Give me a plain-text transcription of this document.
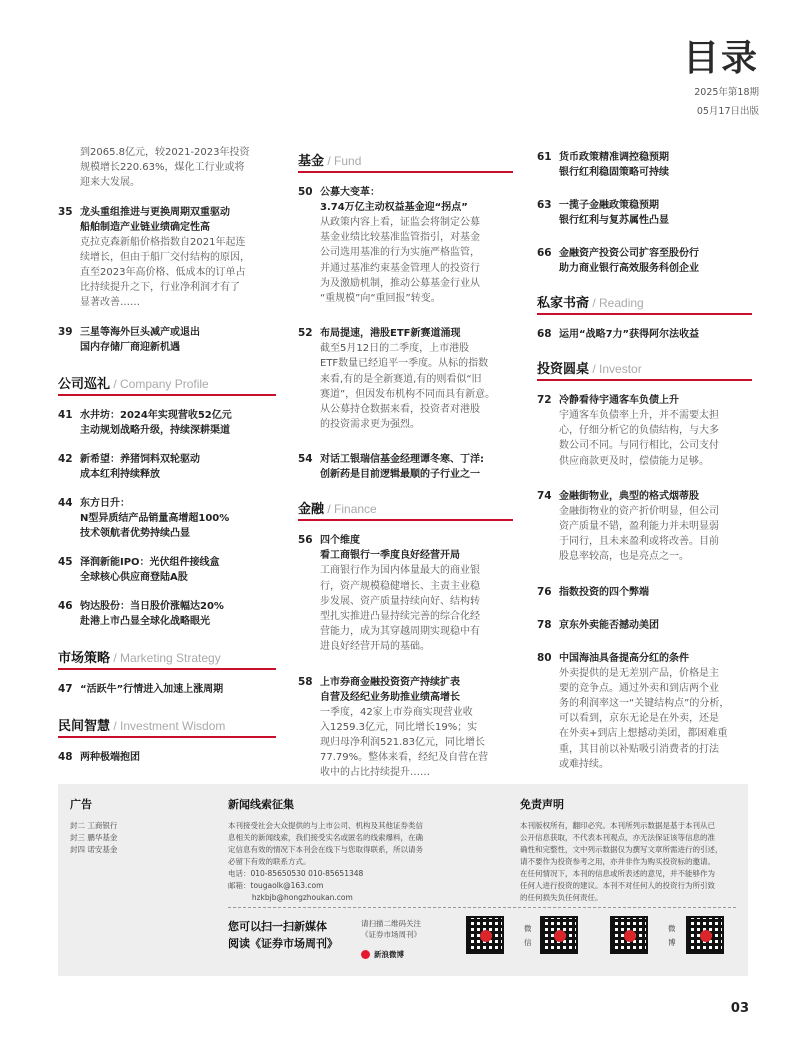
目录
2025年第18期
05月17日出版
到2065.8亿元，较2021-2023年投资
规模增长220.63%，煤化工行业或将
迎来大发展。
35 龙头重组推进与更换周期双重驱动
船舶制造产业链业绩确定性高
克拉克森新船价格指数自2021年起连
续增长，但由于船厂交付结构的原因，
直至2023年高价格、低成本的订单占
比持续提升之下，行业净利润才有了
显著改善……
39 三星等海外巨头减产或退出
国内存储厂商迎新机遇
公司巡礼 / Company Profile
41 水井坊：2024年实现营收52亿元
主动规划战略升级，持续深耕渠道
42 新希望：养猪饲料双轮驱动
成本红利持续释放
44 东方日升：
N型异质结产品销量高增超100%
技术领航者优势持续凸显
45 泽润新能IPO：光伏组件接线盒
全球核心供应商登陆A股
46 钧达股份：当日股价涨幅达20%
赴港上市凸显全球化战略眼光
市场策略 / Marketing Strategy
47 “活跃牛”行情进入加速上涨周期
民间智慧 / Investment Wisdom
48 两种极端抱团
基金 / Fund
50 公募大变革：
3.74万亿主动权益基金迎“拐点”
从政策内容上看，证监会将制定公募
基金业绩比较基准监管指引，对基金
公司选用基准的行为实施严格监管，
并通过基准约束基金管理人的投资行
为及激励机制，推动公募基金行业从
“重规模”向“重回报”转变。
52 布局提速，港股ETF新赛道涌现
截至5月12日的二季度，上市港股
ETF数量已经追平一季度。从标的指数
来看,有的是全新赛道,有的则看似“旧
赛道”，但因发布机构不同而具有新意。
从公募持仓数据来看，投资者对港股
的投资需求更为强烈。
54 对话工银瑞信基金经理谭冬寒、丁洋:
创新药是目前逻辑最顺的子行业之一
金融 / Finance
56 四个维度
看工商银行一季度良好经营开局
工商银行作为国内体量最大的商业银
行，资产规模稳健增长、主责主业稳
步发展、资产质量持续向好、结构转
型扎实推进凸显持续完善的综合化经
营能力，成为其穿越周期实现稳中有
进良好经营开局的基础。
58 上市券商金融投资资产持续扩表
自营及经纪业务助推业绩高增长
一季度，42家上市券商实现营业收
入1259.3亿元，同比增长19%；实
现归母净利润521.83亿元，同比增长
77.79%。整体来看，经纪及自营在营
收中的占比持续提升……
61 货币政策精准调控稳预期
银行红利稳固策略可持续
63 一揽子金融政策稳预期
银行红利与复苏属性凸显
66 金融资产投资公司扩容至股份行
助力商业银行高效服务科创企业
私家书斋 / Reading
68 运用“战略7力”获得阿尔法收益
投资圆桌 / Investor
72 冷静看待宇通客车负债上升
宇通客车负债率上升，并不需要太担
心，仔细分析它的负债结构，与大多
数公司不同。与同行相比，公司支付
供应商款更及时，偿债能力足够。
74 金融街物业，典型的格式烟蒂股
金融街物业的资产折价明显，但公司
资产质量不错，盈利能力并未明显弱
于同行，且未来盈利或将改善。目前
股息率较高，也是亮点之一。
76 指数投资的四个弊端
78 京东外卖能否撼动美团
80 中国海油具备提高分红的条件
外卖提供的是无差别产品，价格是主
要的竞争点。通过外卖和到店两个业
务的利润率这一“关键结构点”的分析，
可以看到，京东无论是在外卖，还是
在外卖+到店上想撼动美团，都困难重
重，其目前以补贴吸引消费者的打法
或难持续。
广告
封二 工商银行
封三 鹏华基金
封四 诺安基金
新闻线索征集
本刊接受社会大众提供的与上市公司、机构及其他证券类信
息相关的新闻线索，我们接受实名或匿名的线索爆料，在确
定信息有效的情况下本刊会在线下与您取得联系，所以请务
必留下有效的联系方式。
电话：010-85650530 010-85651348
邮箱：tougaolk@163.com
hzkbjb@hongzhoukan.com
免责声明
本刊版权所有，翻印必究。本刊所列示数据是基于本刊从已
公开信息获取，不代表本刊观点，亦无法保证该等信息的准
确性和完整性，文中列示数据仅为撰写文章所需进行的引述，
请不要作为投资参考之用，亦并非作为购买投资标的邀请。
在任何情况下，本刊的信息或所表述的意见，并不能够作为
任何人进行投资的建议。本刊不对任何人的投资行为所引致
的任何损失负任何责任。
您可以扫一扫新媒体
阅读《证券市场周刊》
请扫描二维码关注
《证券市场周刊》
新浪微博
微
信
微
博
03
